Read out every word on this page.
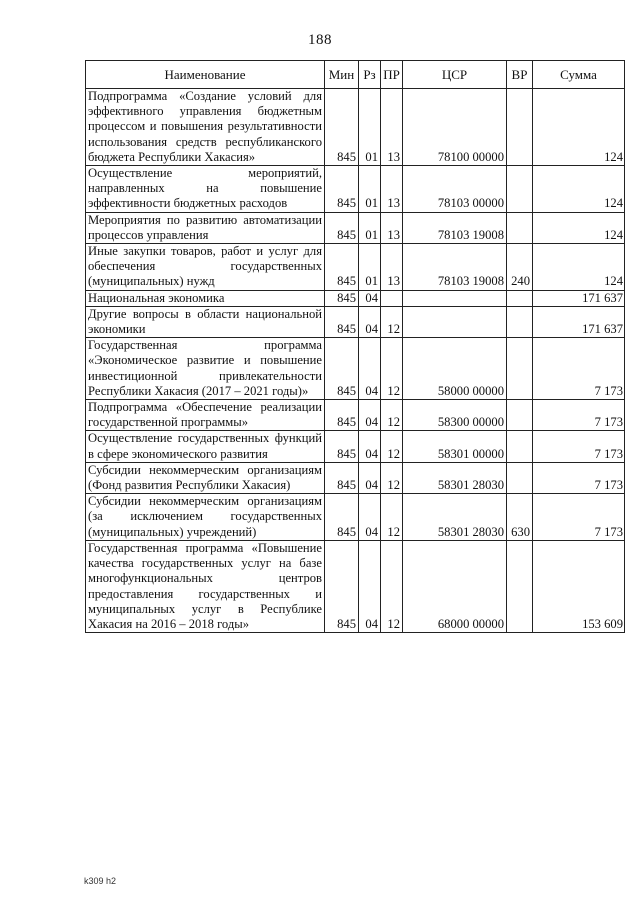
188
Наименование	Мин	Рз	ПР	ЦСР	ВР	Сумма
Подпрограмма «Создание условий для эффективного управления бюджетным процессом и повышения результативности использования средств республиканского бюджета Республики Хакасия»	845	01	13	78100 00000		124
Осуществление мероприятий, направленных на повышение эффективности бюджетных расходов	845	01	13	78103 00000		124
Мероприятия по развитию автоматизации процессов управления	845	01	13	78103 19008		124
Иные закупки товаров, работ и услуг для обеспечения государственных (муниципальных) нужд	845	01	13	78103 19008	240	124
Национальная экономика	845	04				171 637
Другие вопросы в области национальной экономики	845	04	12			171 637
Государственная программа «Экономическое развитие и повышение инвестиционной привлекательности Республики Хакасия (2017 – 2021 годы)»	845	04	12	58000 00000		7 173
Подпрограмма «Обеспечение реализации государственной программы»	845	04	12	58300 00000		7 173
Осуществление государственных функций в сфере экономического развития	845	04	12	58301 00000		7 173
Субсидии некоммерческим организациям (Фонд развития Республики Хакасия)	845	04	12	58301 28030		7 173
Субсидии некоммерческим организациям (за исключением государственных (муниципальных) учреждений)	845	04	12	58301 28030	630	7 173
Государственная программа «Повышение качества государственных услуг на базе многофункциональных центров предоставления государственных и муниципальных услуг в Республике Хакасия на 2016 – 2018 годы»	845	04	12	68000 00000		153 609
k309 h2
